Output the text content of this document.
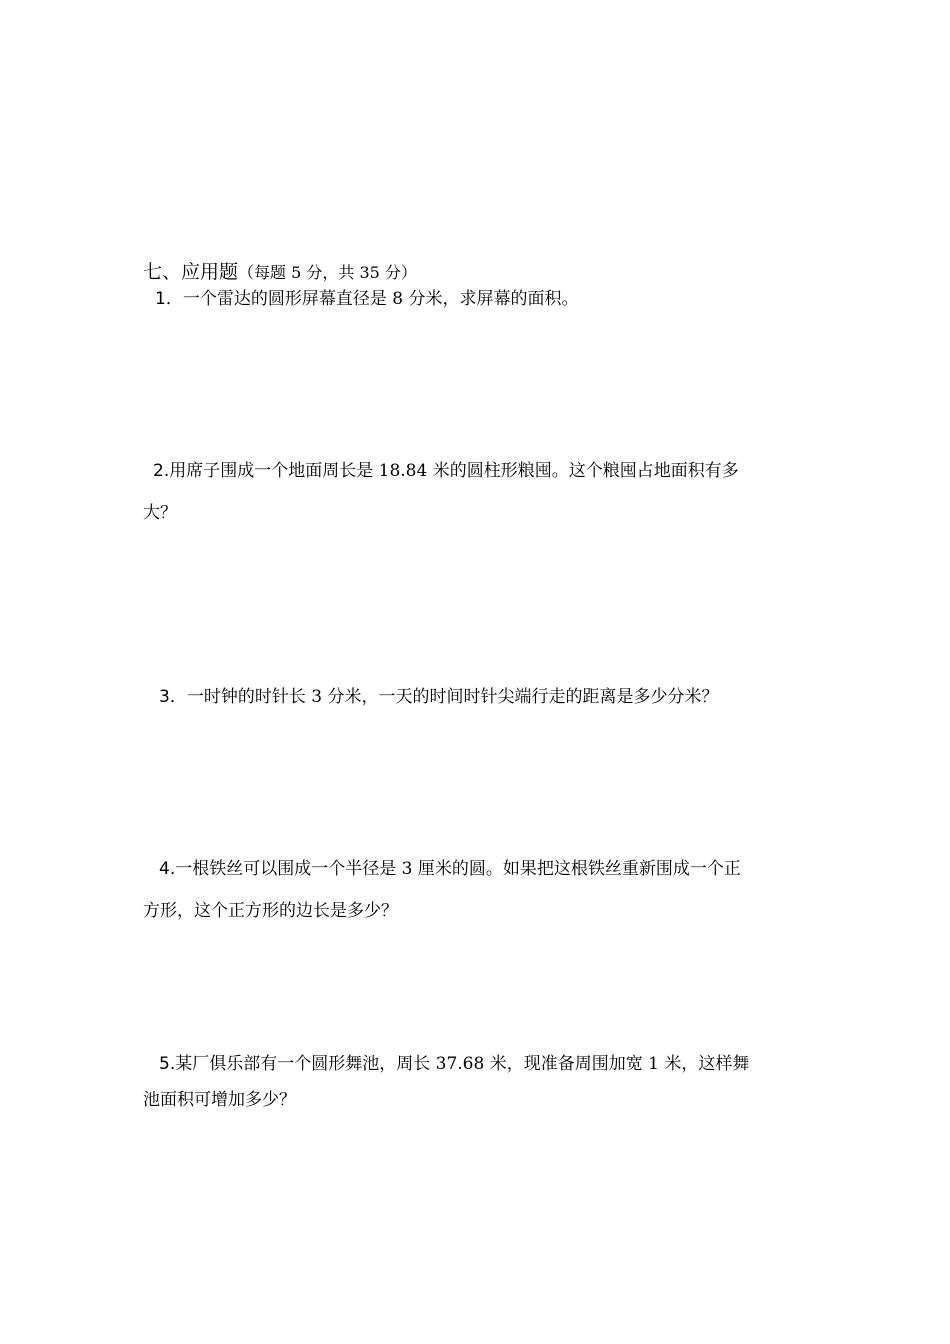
七、应用题（每题 5 分，共 35 分）
1．一个雷达的圆形屏幕直径是 8 分米，求屏幕的面积。
2.用席子围成一个地面周长是 18.84 米的圆柱形粮囤。这个粮囤占地面积有多
大？
3．一时钟的时针长 3 分米，一天的时间时针尖端行走的距离是多少分米？
4.一根铁丝可以围成一个半径是 3 厘米的圆。如果把这根铁丝重新围成一个正
方形，这个正方形的边长是多少？
5.某厂俱乐部有一个圆形舞池，周长 37.68 米，现准备周围加宽 1 米，这样舞
池面积可增加多少？
